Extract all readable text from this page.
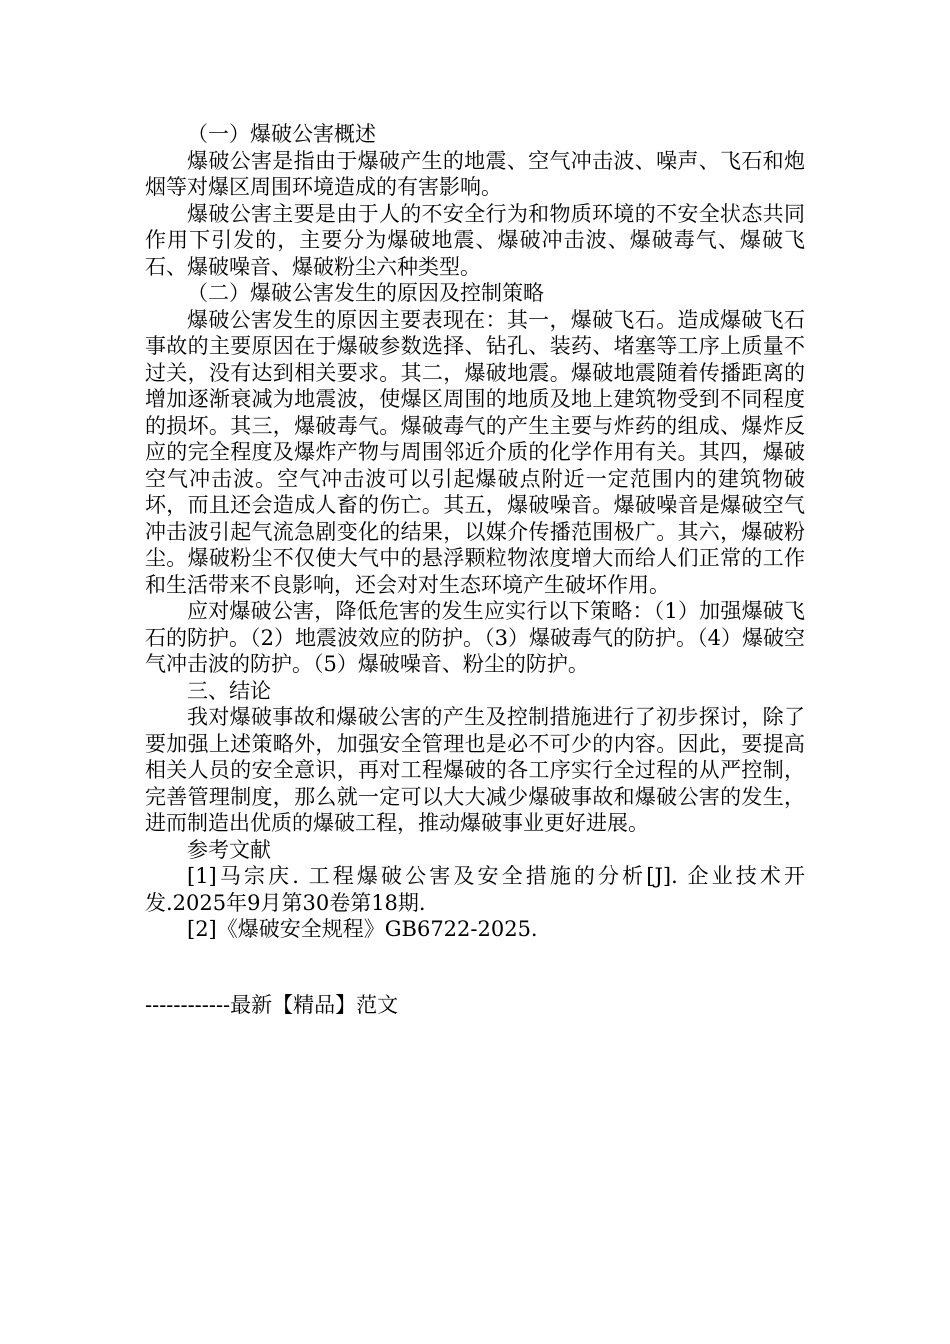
（一）爆破公害概述

爆破公害是指由于爆破产生的地震、空气冲击波、噪声、飞石和炮烟等对爆区周围环境造成的有害影响。

爆破公害主要是由于人的不安全行为和物质环境的不安全状态共同作用下引发的，主要分为爆破地震、爆破冲击波、爆破毒气、爆破飞石、爆破噪音、爆破粉尘六种类型。

（二）爆破公害发生的原因及控制策略

爆破公害发生的原因主要表现在：其一，爆破飞石。造成爆破飞石事故的主要原因在于爆破参数选择、钻孔、装药、堵塞等工序上质量不过关，没有达到相关要求。其二，爆破地震。爆破地震随着传播距离的增加逐渐衰减为地震波，使爆区周围的地质及地上建筑物受到不同程度的损坏。其三，爆破毒气。爆破毒气的产生主要与炸药的组成、爆炸反应的完全程度及爆炸产物与周围邻近介质的化学作用有关。其四，爆破空气冲击波。空气冲击波可以引起爆破点附近一定范围内的建筑物破坏，而且还会造成人畜的伤亡。其五，爆破噪音。爆破噪音是爆破空气冲击波引起气流急剧变化的结果，以媒介传播范围极广。其六，爆破粉尘。爆破粉尘不仅使大气中的悬浮颗粒物浓度增大而给人们正常的工作和生活带来不良影响，还会对对生态环境产生破坏作用。

应对爆破公害，降低危害的发生应实行以下策略：（1）加强爆破飞石的防护。（2）地震波效应的防护。（3）爆破毒气的防护。（4）爆破空气冲击波的防护。（5）爆破噪音、粉尘的防护。

三、结论

我对爆破事故和爆破公害的产生及控制措施进行了初步探讨，除了要加强上述策略外，加强安全管理也是必不可少的内容。因此，要提高相关人员的安全意识，再对工程爆破的各工序实行全过程的从严控制，完善管理制度，那么就一定可以大大减少爆破事故和爆破公害的发生，进而制造出优质的爆破工程，推动爆破事业更好进展。

参考文献

[1]马宗庆. 工程爆破公害及安全措施的分析[J]. 企业技术开发.2025年9月第30卷第18期.

[2]《爆破安全规程》GB6722-2025.

------------最新【精品】范文
